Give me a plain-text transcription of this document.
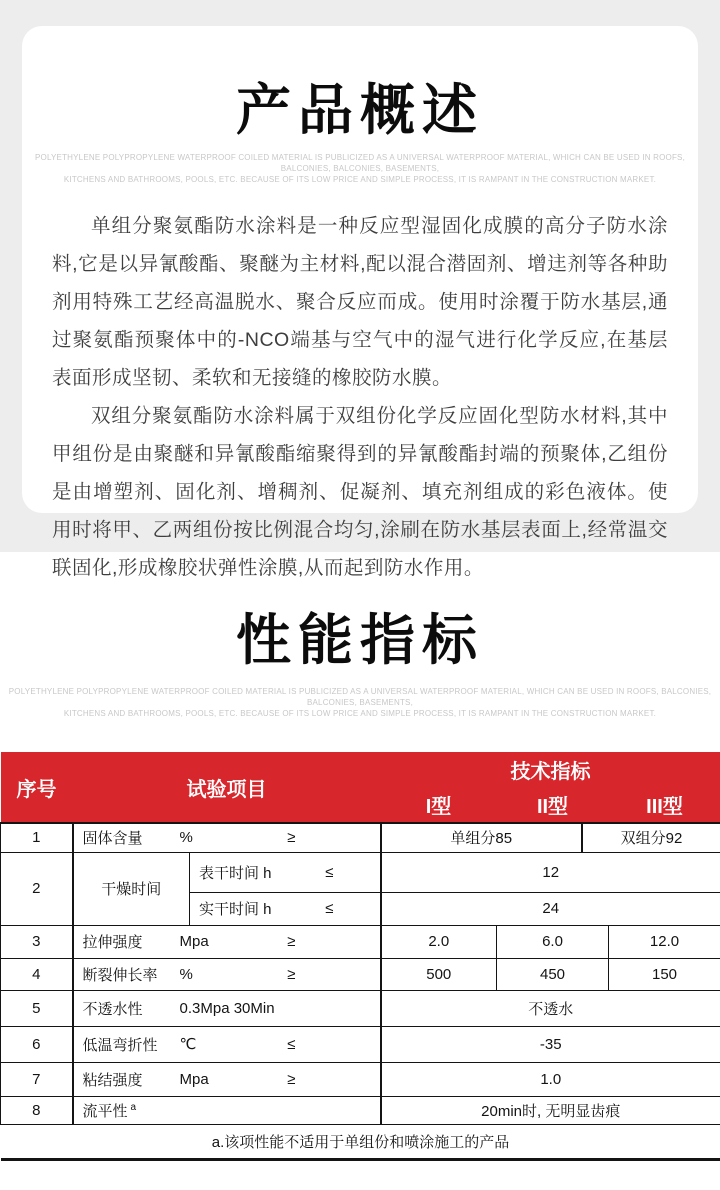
产品概述
POLYETHYLENE POLYPROPYLENE WATERPROOF COILED MATERIAL IS PUBLICIZED AS A UNIVERSAL WATERPROOF MATERIAL, WHICH CAN BE USED IN ROOFS, BALCONIES, BALCONIES, BASEMENTS,
KITCHENS AND BATHROOMS, POOLS, ETC. BECAUSE OF ITS LOW PRICE AND SIMPLE PROCESS, IT IS RAMPANT IN THE CONSTRUCTION MARKET.

单组分聚氨酯防水涂料是一种反应型湿固化成膜的高分子防水涂料,它是以异氰酸酯、聚醚为主材料,配以混合潜固剂、增迬剂等各种助剂用特殊工艺经高温脱水、聚合反应而成。使用时涂覆于防水基层,通过聚氨酯预聚体中的-NCO端基与空气中的湿气进行化学反应,在基层表面形成坚韧、柔软和无接缝的橡胶防水膜。

双组分聚氨酯防水涂料属于双组份化学反应固化型防水材料,其中甲组份是由聚醚和异氰酸酯缩聚得到的异氰酸酯封端的预聚体,乙组份是由增塑剂、固化剂、增稠剂、促凝剂、填充剂组成的彩色液体。使用时将甲、乙两组份按比例混合均匀,涂刷在防水基层表面上,经常温交联固化,形成橡胶状弹性涂膜,从而起到防水作用。

性能指标
POLYETHYLENE POLYPROPYLENE WATERPROOF COILED MATERIAL IS PUBLICIZED AS A UNIVERSAL WATERPROOF MATERIAL, WHICH CAN BE USED IN ROOFS, BALCONIES, BALCONIES, BASEMENTS,
KITCHENS AND BATHROOMS, POOLS, ETC. BECAUSE OF ITS LOW PRICE AND SIMPLE PROCESS, IT IS RAMPANT IN THE CONSTRUCTION MARKET.
序号	试验项目		技术指标		
			I型	II型	III型
1	固体含量	%	≥	单组分85	双组分92

2	干燥时间	表干时间 h ≤	12		

		实干时间 h ≤	24		
3	拉伸强度 Mpa ≥		2.0	6.0	12.0
4	断裂伸长率 % ≥		500	450	150
5	不透水性 0.3Mpa 30Min		不透水		
6	低温弯折性 ℃ ≤		-35		
7	粘结强度 Mpa ≥		1.0		
8	流平性 $^a$		20min时, 无明显齿痕		
a.该项性能不适用于单组份和喷涂施工的产品					
